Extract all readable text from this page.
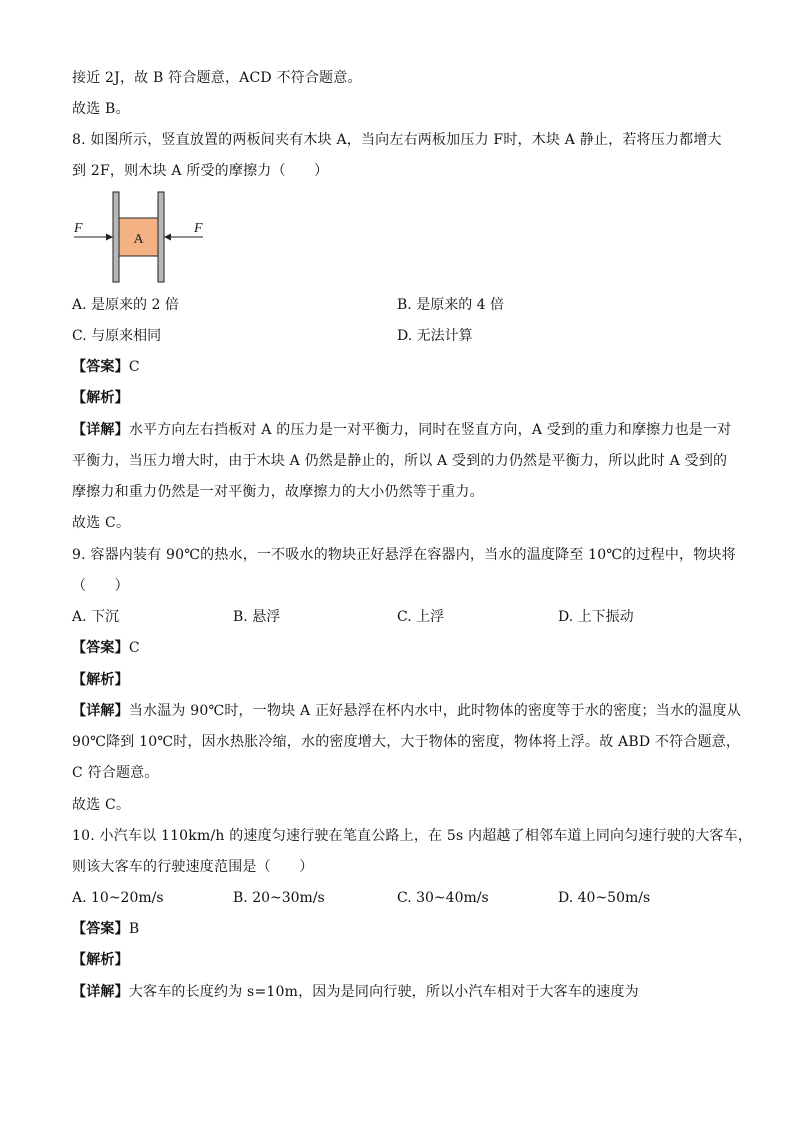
接近 2J，故 B 符合题意，ACD 不符合题意。
故选 B。
8. 如图所示，竖直放置的两板间夹有木块 A，当向左右两板加压力 F时，木块 A 静止，若将压力都增大
到 2F，则木块 A 所受的摩擦力（　　）
A
F	F
A. 是原来的 2 倍	B. 是原来的 4 倍
C. 与原来相同	D. 无法计算
【答案】C
【解析】
【详解】水平方向左右挡板对 A 的压力是一对平衡力，同时在竖直方向，A 受到的重力和摩擦力也是一对
平衡力，当压力增大时，由于木块 A 仍然是静止的，所以 A 受到的力仍然是平衡力，所以此时 A 受到的
摩擦力和重力仍然是一对平衡力，故摩擦力的大小仍然等于重力。
故选 C。
9. 容器内装有 90℃的热水，一不吸水的物块正好悬浮在容器内，当水的温度降至 10℃的过程中，物块将
（　　）
A. 下沉	B. 悬浮	C. 上浮	D. 上下振动
【答案】C
【解析】
【详解】当水温为 90℃时，一物块 A 正好悬浮在杯内水中，此时物体的密度等于水的密度；当水的温度从
90℃降到 10℃时，因水热胀冷缩，水的密度增大，大于物体的密度，物体将上浮。故 ABD 不符合题意，
C 符合题意。
故选 C。
10. 小汽车以 110km/h 的速度匀速行驶在笔直公路上，在 5s 内超越了相邻车道上同向匀速行驶的大客车，
则该大客车的行驶速度范围是（　　）
A. 10~20m/s	B. 20~30m/s	C. 30~40m/s	D. 40~50m/s
【答案】B
【解析】
【详解】大客车的长度约为 s=10m，因为是同向行驶，所以小汽车相对于大客车的速度为
